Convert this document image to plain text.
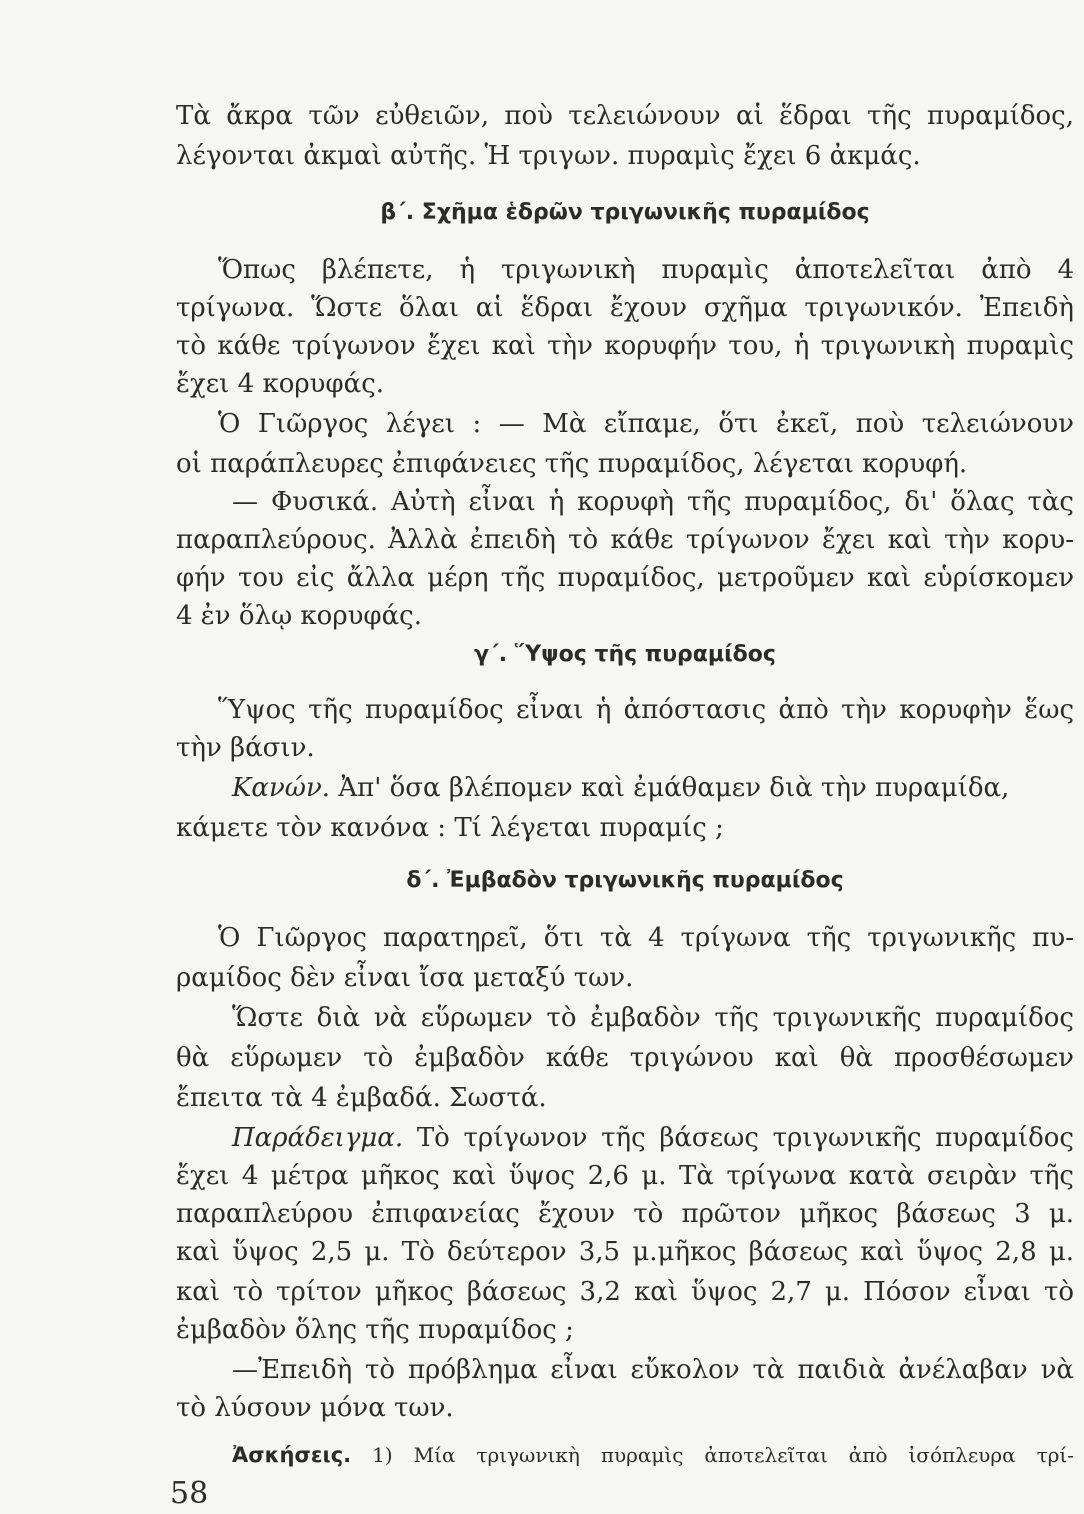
Τὰ ἄκρα τῶν εὐθειῶν, ποὺ τελειώνουν αἱ ἕδραι τῆς πυραμίδος,
λέγονται ἀκμαὶ αὐτῆς. Ἡ τριγων. πυραμὶς ἔχει 6 ἀκμάς.
β΄. Σχῆμα ἑδρῶν τριγωνικῆς πυραμίδος
Ὅπως βλέπετε, ἡ τριγωνικὴ πυραμὶς ἀποτελεῖται ἀπὸ 4
τρίγωνα. Ὥστε ὅλαι αἱ ἕδραι ἔχουν σχῆμα τριγωνικόν. Ἐπειδὴ
τὸ κάθε τρίγωνον ἔχει καὶ τὴν κορυφήν του, ἡ τριγωνικὴ πυραμὶς
ἔχει 4 κορυφάς.
Ὁ Γιῶργος λέγει : — Μὰ εἴπαμε, ὅτι ἐκεῖ, ποὺ τελειώνουν
οἱ παράπλευρες ἐπιφάνειες τῆς πυραμίδος, λέγεται κορυφή.
— Φυσικά. Αὐτὴ εἶναι ἡ κορυφὴ τῆς πυραμίδος, δι' ὅλας τὰς
παραπλεύρους. Ἀλλὰ ἐπειδὴ τὸ κάθε τρίγωνον ἔχει καὶ τὴν κορυ-
φήν του εἰς ἄλλα μέρη τῆς πυραμίδος, μετροῦμεν καὶ εὑρίσκομεν
4 ἐν ὅλῳ κορυφάς.
γ΄. Ὕψος τῆς πυραμίδος
Ὕψος τῆς πυραμίδος εἶναι ἡ ἀπόστασις ἀπὸ τὴν κορυφὴν ἕως
τὴν βάσιν.
Κανών. Ἀπ' ὅσα βλέπομεν καὶ ἐμάθαμεν διὰ τὴν πυραμίδα,
κάμετε τὸν κανόνα : Τί λέγεται πυραμίς ;
δ΄. Ἐμβαδὸν τριγωνικῆς πυραμίδος
Ὁ Γιῶργος παρατηρεῖ, ὅτι τὰ 4 τρίγωνα τῆς τριγωνικῆς πυ-
ραμίδος δὲν εἶναι ἴσα μεταξύ των.
Ὥστε διὰ νὰ εὕρωμεν τὸ ἐμβαδὸν τῆς τριγωνικῆς πυραμίδος
θὰ εὕρωμεν τὸ ἐμβαδὸν κάθε τριγώνου καὶ θὰ προσθέσωμεν
ἔπειτα τὰ 4 ἐμβαδά. Σωστά.
Παράδειγμα. Τὸ τρίγωνον τῆς βάσεως τριγωνικῆς πυραμίδος
ἔχει 4 μέτρα μῆκος καὶ ὕψος 2,6 μ. Τὰ τρίγωνα κατὰ σειρὰν τῆς
παραπλεύρου ἐπιφανείας ἔχουν τὸ πρῶτον μῆκος βάσεως 3 μ.
καὶ ὕψος 2,5 μ. Τὸ δεύτερον 3,5 μ.μῆκος βάσεως καὶ ὕψος 2,8 μ.
καὶ τὸ τρίτον μῆκος βάσεως 3,2 καὶ ὕψος 2,7 μ. Πόσον εἶναι τὸ
ἐμβαδὸν ὅλης τῆς πυραμίδος ;
—Ἐπειδὴ τὸ πρόβλημα εἶναι εὔκολον τὰ παιδιὰ ἀνέλαβαν νὰ
τὸ λύσουν μόνα των.
Ἀσκήσεις. 1) Μία τριγωνικὴ πυραμὶς ἀποτελεῖται ἀπὸ ἰσόπλευρα τρί-
58
